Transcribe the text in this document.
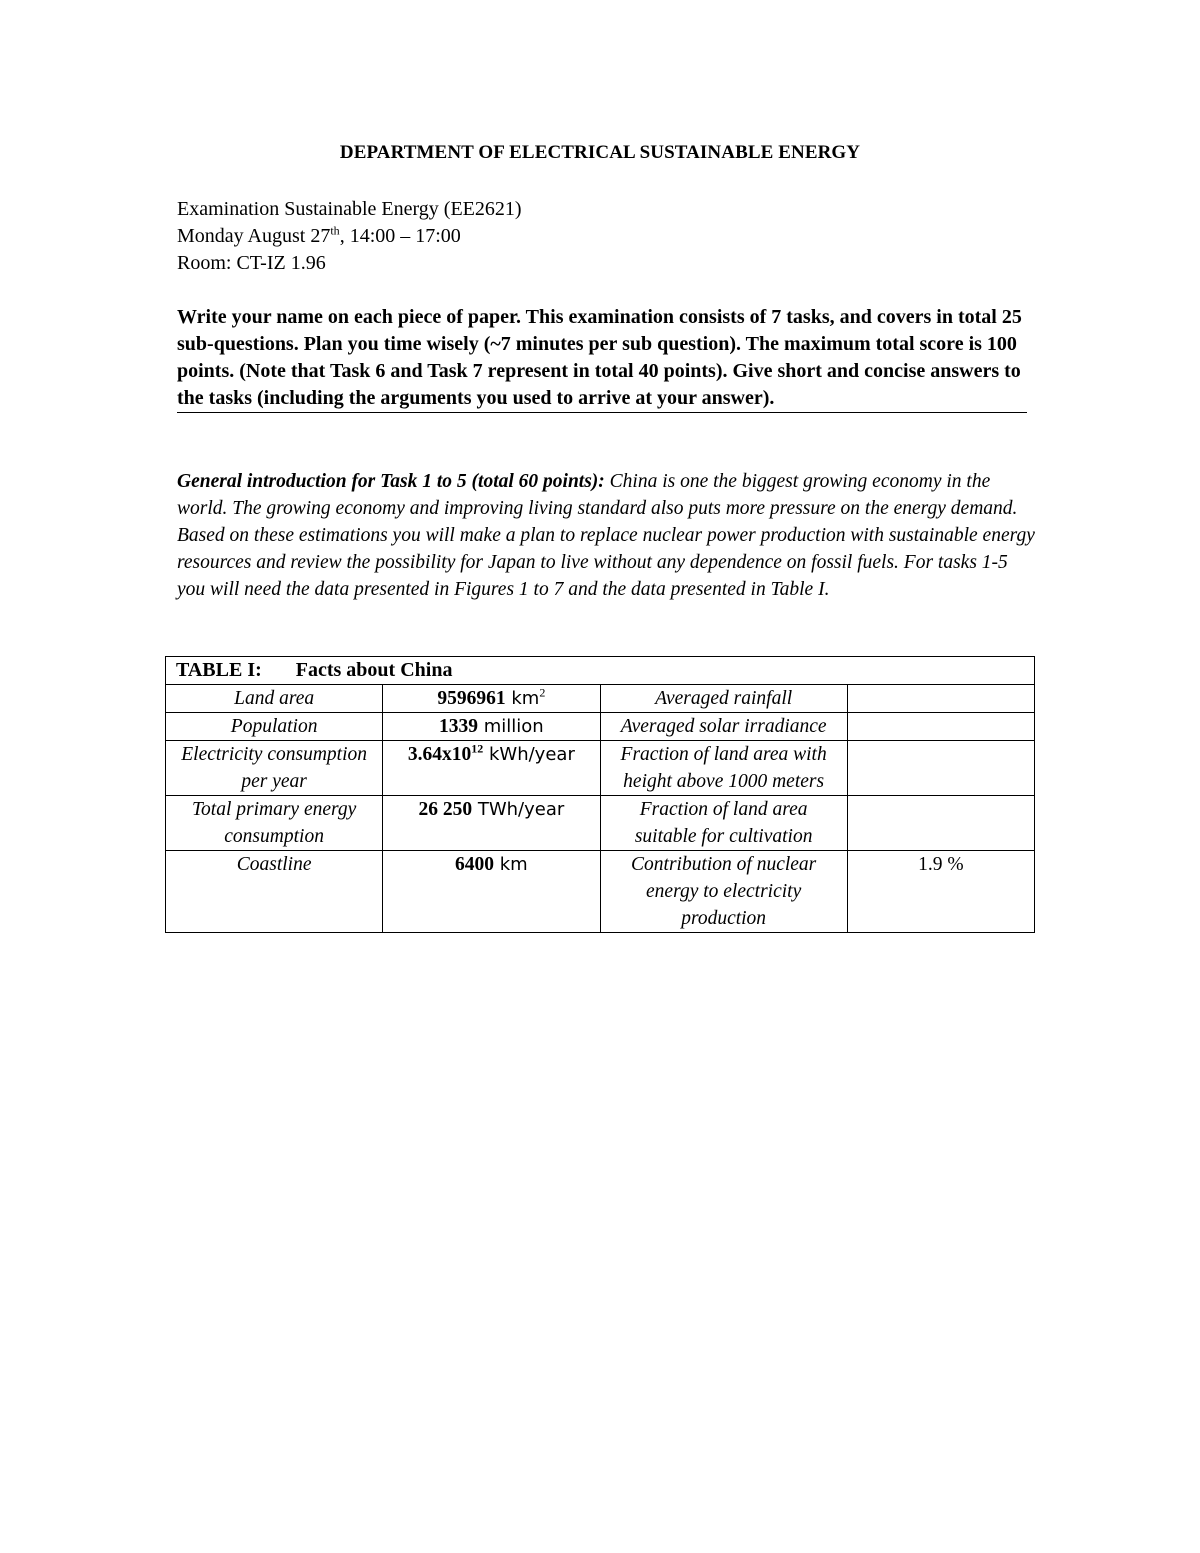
DEPARTMENT OF ELECTRICAL SUSTAINABLE ENERGY
Examination Sustainable Energy (EE2621)
Monday August 27th, 14:00 – 17:00
Room: CT-IZ 1.96
Write your name on each piece of paper. This examination consists of 7 tasks, and covers in total 25 sub-questions. Plan you time wisely (~7 minutes per sub question). The maximum total score is 100 points. (Note that Task 6 and Task 7 represent in total 40 points). Give short and concise answers to the tasks (including the arguments you used to arrive at your answer).
General introduction for Task 1 to 5 (total 60 points): China is one the biggest growing economy in the world. The growing economy and improving living standard also puts more pressure on the energy demand. Based on these estimations you will make a plan to replace nuclear power production with sustainable energy resources and review the possibility for Japan to live without any dependence on fossil fuels. For tasks 1-5 you will need the data presented in Figures 1 to 7 and the data presented in Table I.
TABLE I: Facts about China			
Land area	9596961 $km^2$	Averaged rainfall	
Population	1339 million	Averaged solar irradiance	
Electricity consumption per year	$3.64x10^{12}$ kWh/year	Fraction of land area with height above 1000 meters	
Total primary energy consumption	26 250 TWh/year	Fraction of land area suitable for cultivation	
Coastline	6400 km	Contribution of nuclear energy to electricity production	1.9 %
